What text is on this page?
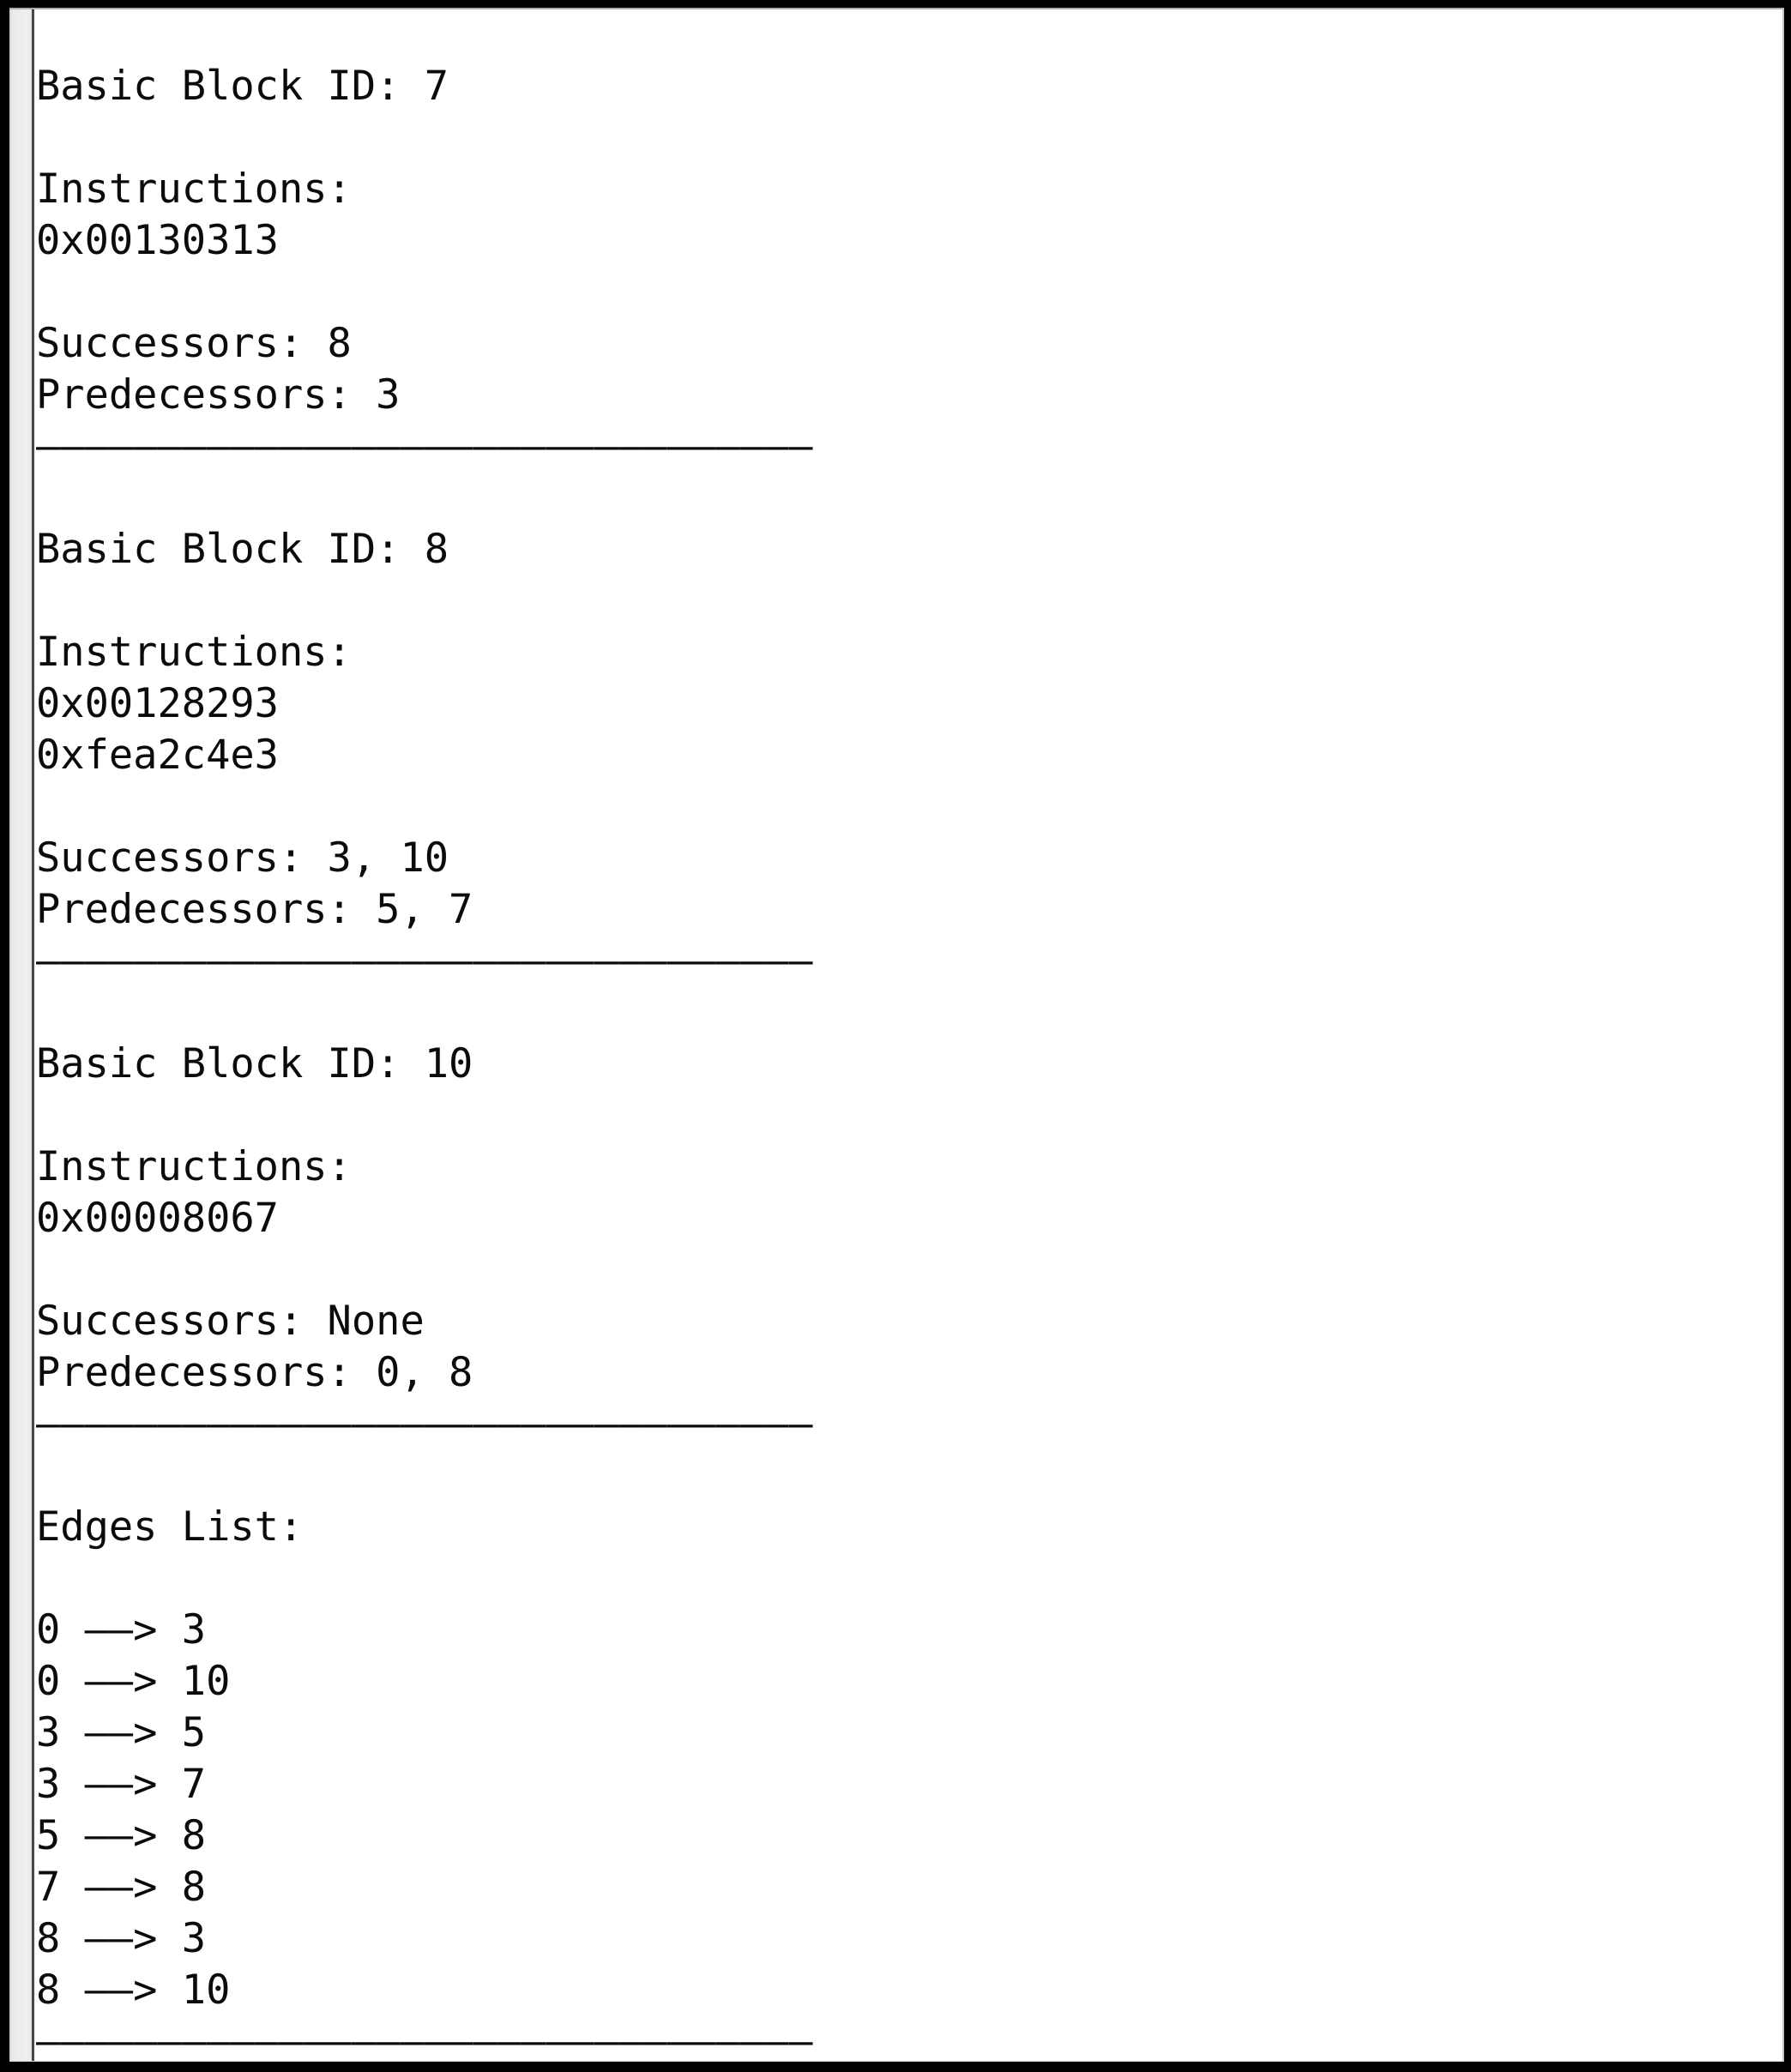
Basic Block ID: 7
Instructions:
0x00130313
Successors: 8
Predecessors: 3
––––––––––––––––––––––––––––––––
Basic Block ID: 8
Instructions:
0x00128293
0xfea2c4e3
Successors: 3, 10
Predecessors: 5, 7
––––––––––––––––––––––––––––––––
Basic Block ID: 10
Instructions:
0x00008067
Successors: None
Predecessors: 0, 8
––––––––––––––––––––––––––––––––
Edges List:
0 ––> 3
0 ––> 10
3 ––> 5
3 ––> 7
5 ––> 8
7 ––> 8
8 ––> 3
8 ––> 10
––––––––––––––––––––––––––––––––
